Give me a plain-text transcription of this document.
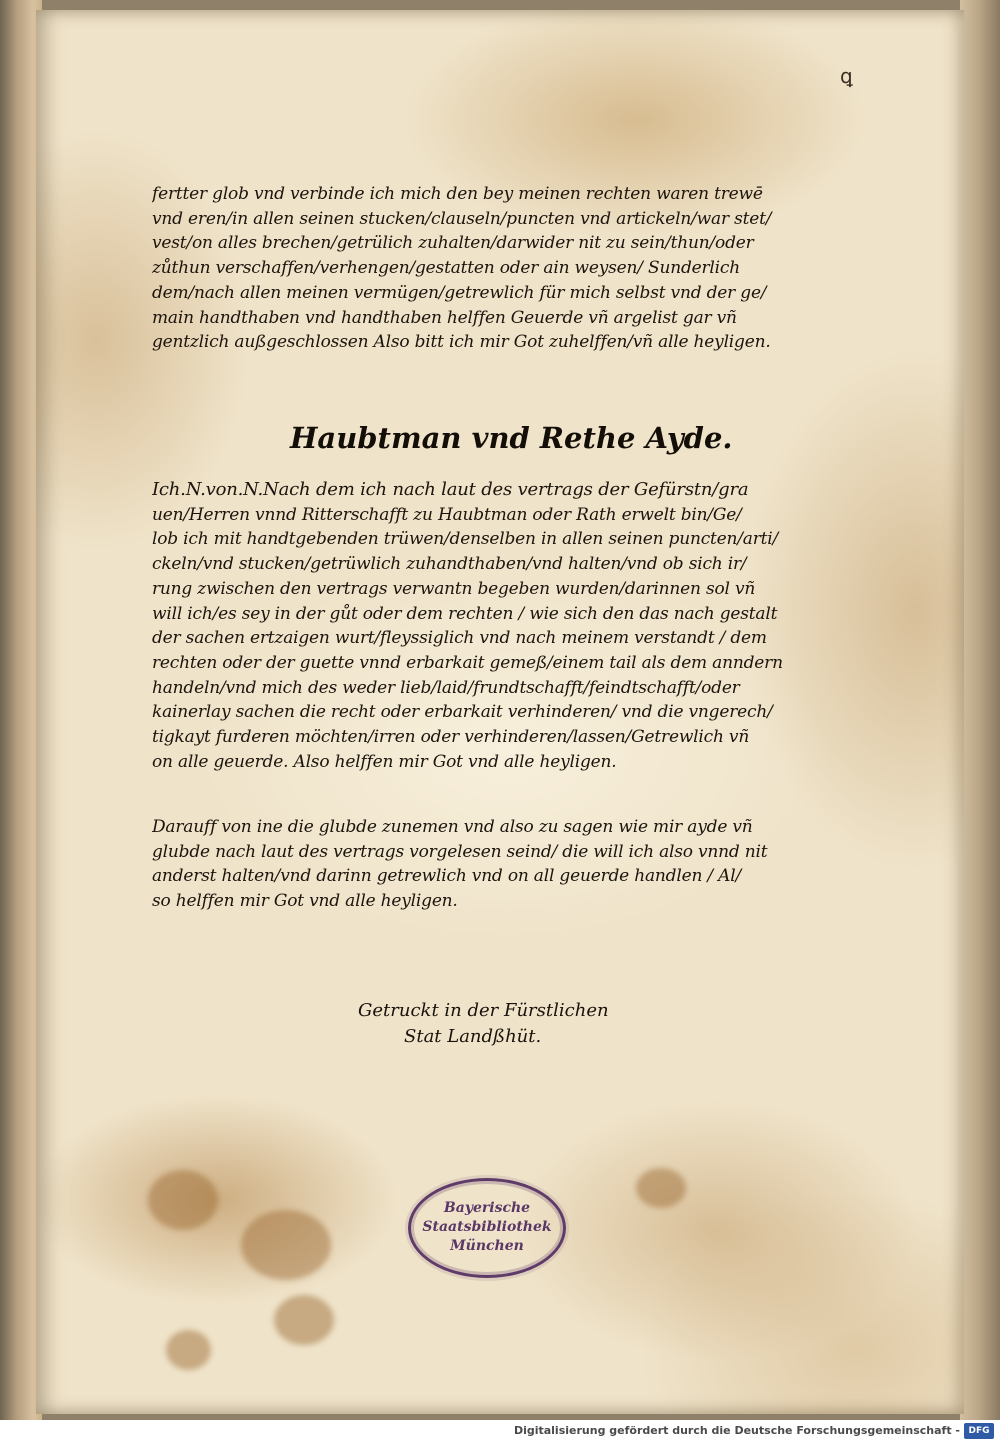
ꝗ
fertter glob vnd verbinde ich mich den bey meinen rechten waren trewē
vnd eren/in allen seinen stucken/clauseln/puncten vnd artickeln/war stet/
vest/on alles brechen/getrülich zuhalten/darwider nit zu sein/thun/oder
zůthun verschaffen/verhengen/gestatten oder ain weysen/ Sunderlich
dem/nach allen meinen vermügen/getrewlich für mich selbst vnd der ge/
main handthaben vnd handthaben helffen Geuerde vñ argelist gar vñ
gentzlich außgeschlossen Also bitt ich mir Got zuhelffen/vñ alle heyligen.
Haubtman vnd Rethe Ayde.
Ich.N.von.N.Nach dem ich nach laut des vertrags der Gefürstn/gra
uen/Herren vnnd Ritterschafft zu Haubtman oder Rath erwelt bin/Ge/
lob ich mit handtgebenden trüwen/denselben in allen seinen puncten/arti/
ckeln/vnd stucken/getrüwlich zuhandthaben/vnd halten/vnd ob sich ir/
rung zwischen den vertrags verwantn begeben wurden/darinnen sol vñ
will ich/es sey in der gůt oder dem rechten / wie sich den das nach gestalt
der sachen ertzaigen wurt/fleyssiglich vnd nach meinem verstandt / dem
rechten oder der guette vnnd erbarkait gemeß/einem tail als dem anndern
handeln/vnd mich des weder lieb/laid/frundtschafft/feindtschafft/oder
kainerlay sachen die recht oder erbarkait verhinderen/ vnd die vngerech/
tigkayt furderen möchten/irren oder verhinderen/lassen/Getrewlich vñ
on alle geuerde. Also helffen mir Got vnd alle heyligen.
Darauff von ine die glubde zunemen vnd also zu sagen wie mir ayde vñ
glubde nach laut des vertrags vorgelesen seind/ die will ich also vnnd nit
anderst halten/vnd darinn getrewlich vnd on all geuerde handlen / Al/
so helffen mir Got vnd alle heyligen.
Getruckt in der Fürstlichen
Stat Landßhüt.
Bayerische
Staatsbibliothek
München
Digitalisierung gefördert durch die Deutsche Forschungsgemeinschaft - DFG
